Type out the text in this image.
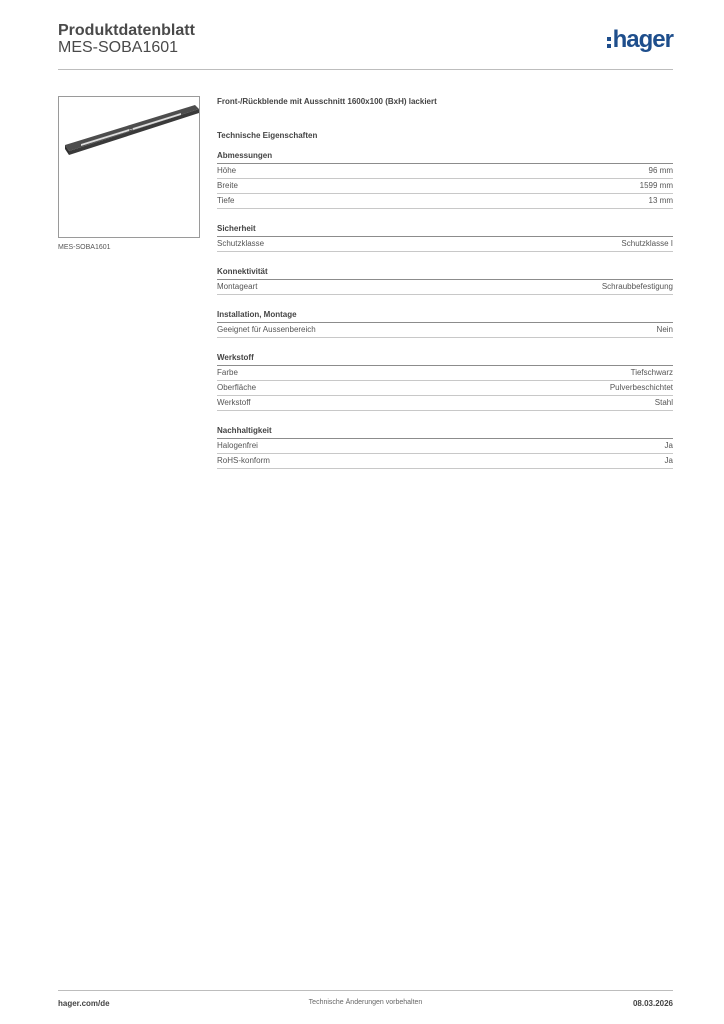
Produktdatenblatt
MES-SOBA1601	hager
MES-SOBA1601
Front-/Rückblende mit Ausschnitt 1600x100 (BxH) lackiert
Technische Eigenschaften
Abmessungen
Höhe	96 mm
Breite	1599 mm
Tiefe	13 mm
Sicherheit
Schutzklasse	Schutzklasse I
Konnektivität
Montageart	Schraubbefestigung
Installation, Montage
Geeignet für Aussenbereich	Nein
Werkstoff
Farbe	Tiefschwarz
Oberfläche	Pulverbeschichtet
Werkstoff	Stahl
Nachhaltigkeit
Halogenfrei	Ja
RoHS-konform	Ja
hager.com/de	Technische Änderungen vorbehalten	08.03.2026
